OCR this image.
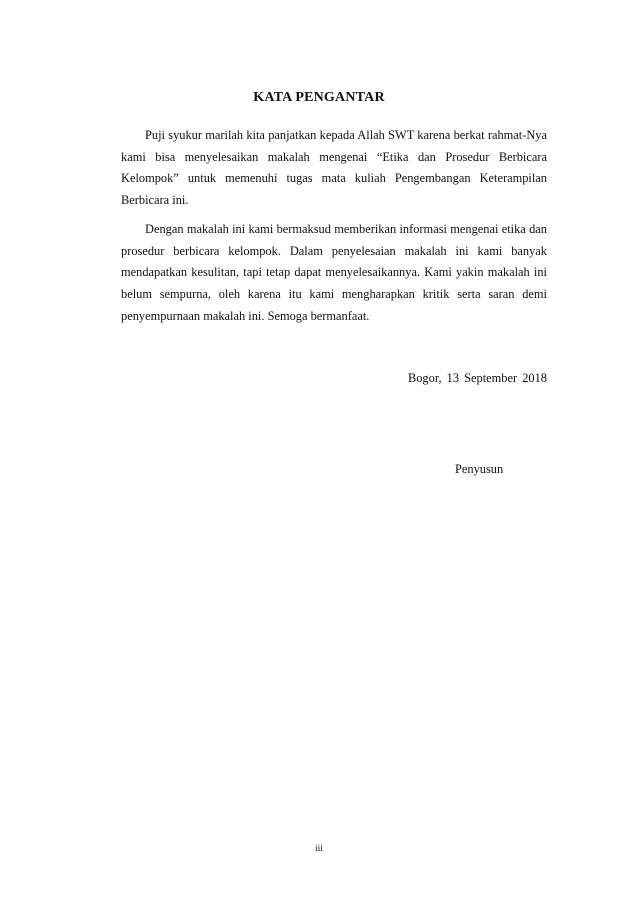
KATA PENGANTAR

Puji syukur marilah kita panjatkan kepada Allah SWT karena berkat rahmat-Nya kami bisa menyelesaikan makalah mengenai “Etika dan Prosedur Berbicara Kelompok” untuk memenuhi tugas mata kuliah Pengembangan Keterampilan Berbicara ini.

Dengan makalah ini kami bermaksud memberikan informasi mengenai etika dan prosedur berbicara kelompok. Dalam penyelesaian makalah ini kami banyak mendapatkan kesulitan, tapi tetap dapat menyelesaikannya. Kami yakin makalah ini belum sempurna, oleh karena itu kami mengharapkan kritik serta saran demi penyempurnaan makalah ini. Semoga bermanfaat.

Bogor, 13 September 2018

Penyusun

iii
